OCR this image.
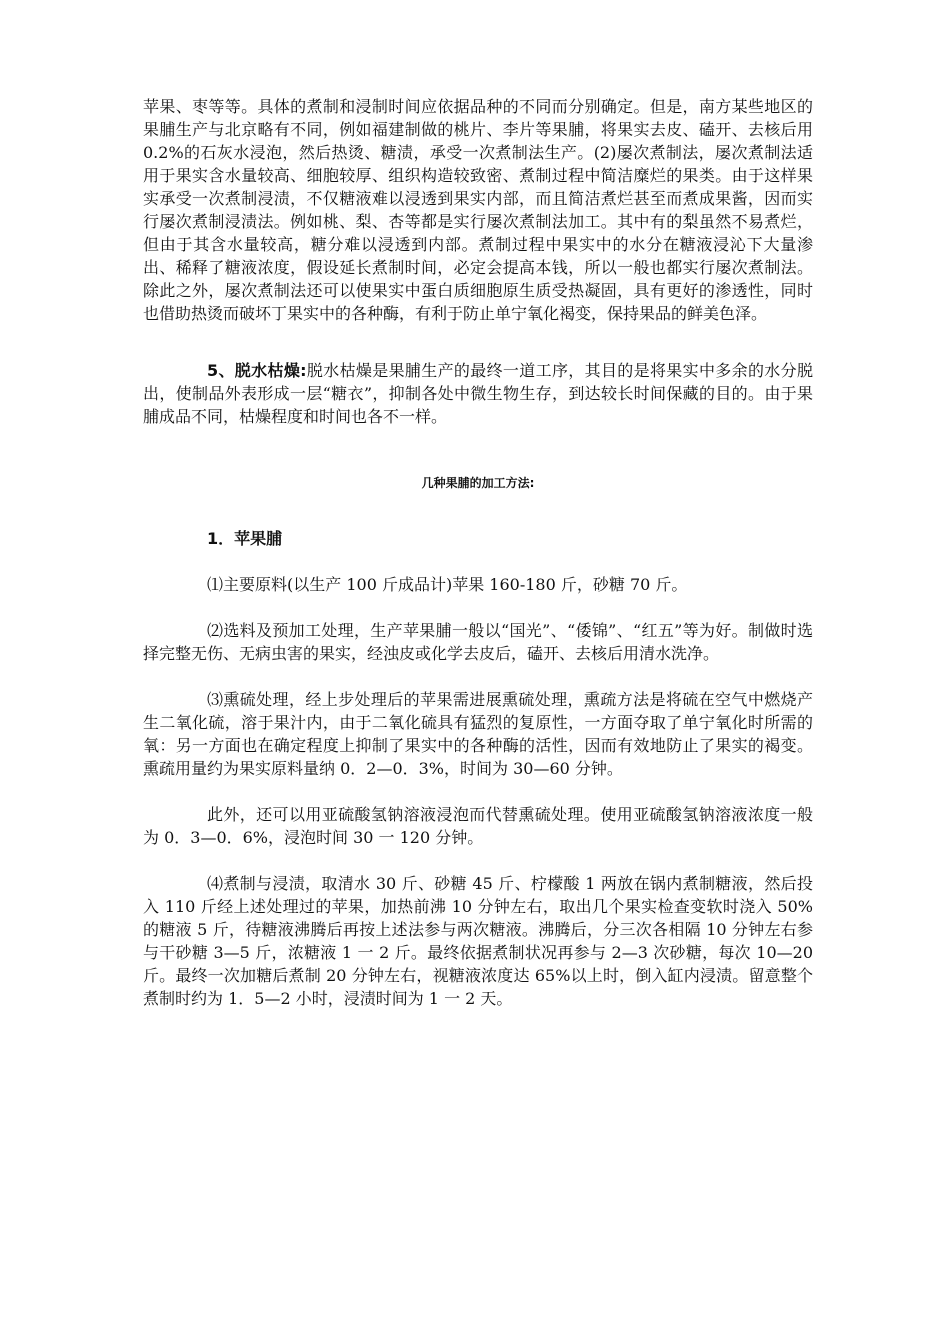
苹果、枣等等。具体的煮制和浸制时间应依据品种的不同而分别确定。但是，南方某些地区的果脯生产与北京略有不同，例如福建制做的桃片、李片等果脯，将果实去皮、磕开、去核后用0.2%的石灰水浸泡，然后热烫、糖渍，承受一次煮制法生产。(2)屡次煮制法，屡次煮制法适用于果实含水量较高、细胞较厚、组织构造较致密、煮制过程中简洁糜烂的果类。由于这样果实承受一次煮制浸渍，不仅糖液难以浸透到果实内部，而且简洁煮烂甚至而煮成果酱，因而实行屡次煮制浸渍法。例如桃、梨、杏等都是实行屡次煮制法加工。其中有的梨虽然不易煮烂，但由于其含水量较高，糖分难以浸透到内部。煮制过程中果实中的水分在糖液浸沁下大量渗出、稀释了糖液浓度，假设延长煮制时间，必定会提高本钱，所以一般也都实行屡次煮制法。除此之外，屡次煮制法还可以使果实中蛋白质细胞原生质受热凝固，具有更好的渗透性，同时也借助热烫而破坏丁果实中的各种酶，有利于防止单宁氧化褐变，保持果品的鲜美色泽。

5、脱水枯燥:脱水枯燥是果脯生产的最终一道工序，其目的是将果实中多余的水分脱出，使制品外表形成一层“糖衣”，抑制各处中微生物生存，到达较长时间保藏的目的。由于果脯成品不同，枯燥程度和时间也各不一样。

几种果脯的加工方法:

1．苹果脯

⑴主要原料(以生产 100 斤成品计)苹果 160-180 斤，砂糖 70 斤。

⑵选料及预加工处理，生产苹果脯一般以“国光”、“倭锦”、“红五”等为好。制做时选择完整无伤、无病虫害的果实，经浊皮或化学去皮后，磕开、去核后用清水洗净。

⑶熏硫处理，经上步处理后的苹果需进展熏硫处理，熏疏方法是将硫在空气中燃烧产生二氧化硫，溶于果汁内，由于二氧化硫具有猛烈的复原性，一方面夺取了单宁氧化时所需的氧：另一方面也在确定程度上抑制了果实中的各种酶的活性，因而有效地防止了果实的褐变。熏疏用量约为果实原料量纳 0．2—0．3%，时间为 30—60 分钟。

此外，还可以用亚硫酸氢钠溶液浸泡而代替熏硫处理。使用亚硫酸氢钠溶液浓度一般为 0．3—0．6%，浸泡时间 30 一 120 分钟。

⑷煮制与浸渍，取清水 30 斤、砂糖 45 斤、柠檬酸 1 两放在锅内煮制糖液，然后投入 110 斤经上述处理过的苹果，加热前沸 10 分钟左右，取出几个果实检查变软时浇入 50%的糖液 5 斤，待糖液沸腾后再按上述法参与两次糖液。沸腾后，分三次各相隔 10 分钟左右参与干砂糖 3—5 斤，浓糖液 1 一 2 斤。最终依据煮制状况再参与 2—3 次砂糖，每次 10—20 斤。最终一次加糖后煮制 20 分钟左右，视糖液浓度达 65%以上时，倒入缸内浸渍。留意整个煮制时约为 1．5—2 小时，浸渍时间为 1 一 2 天。
